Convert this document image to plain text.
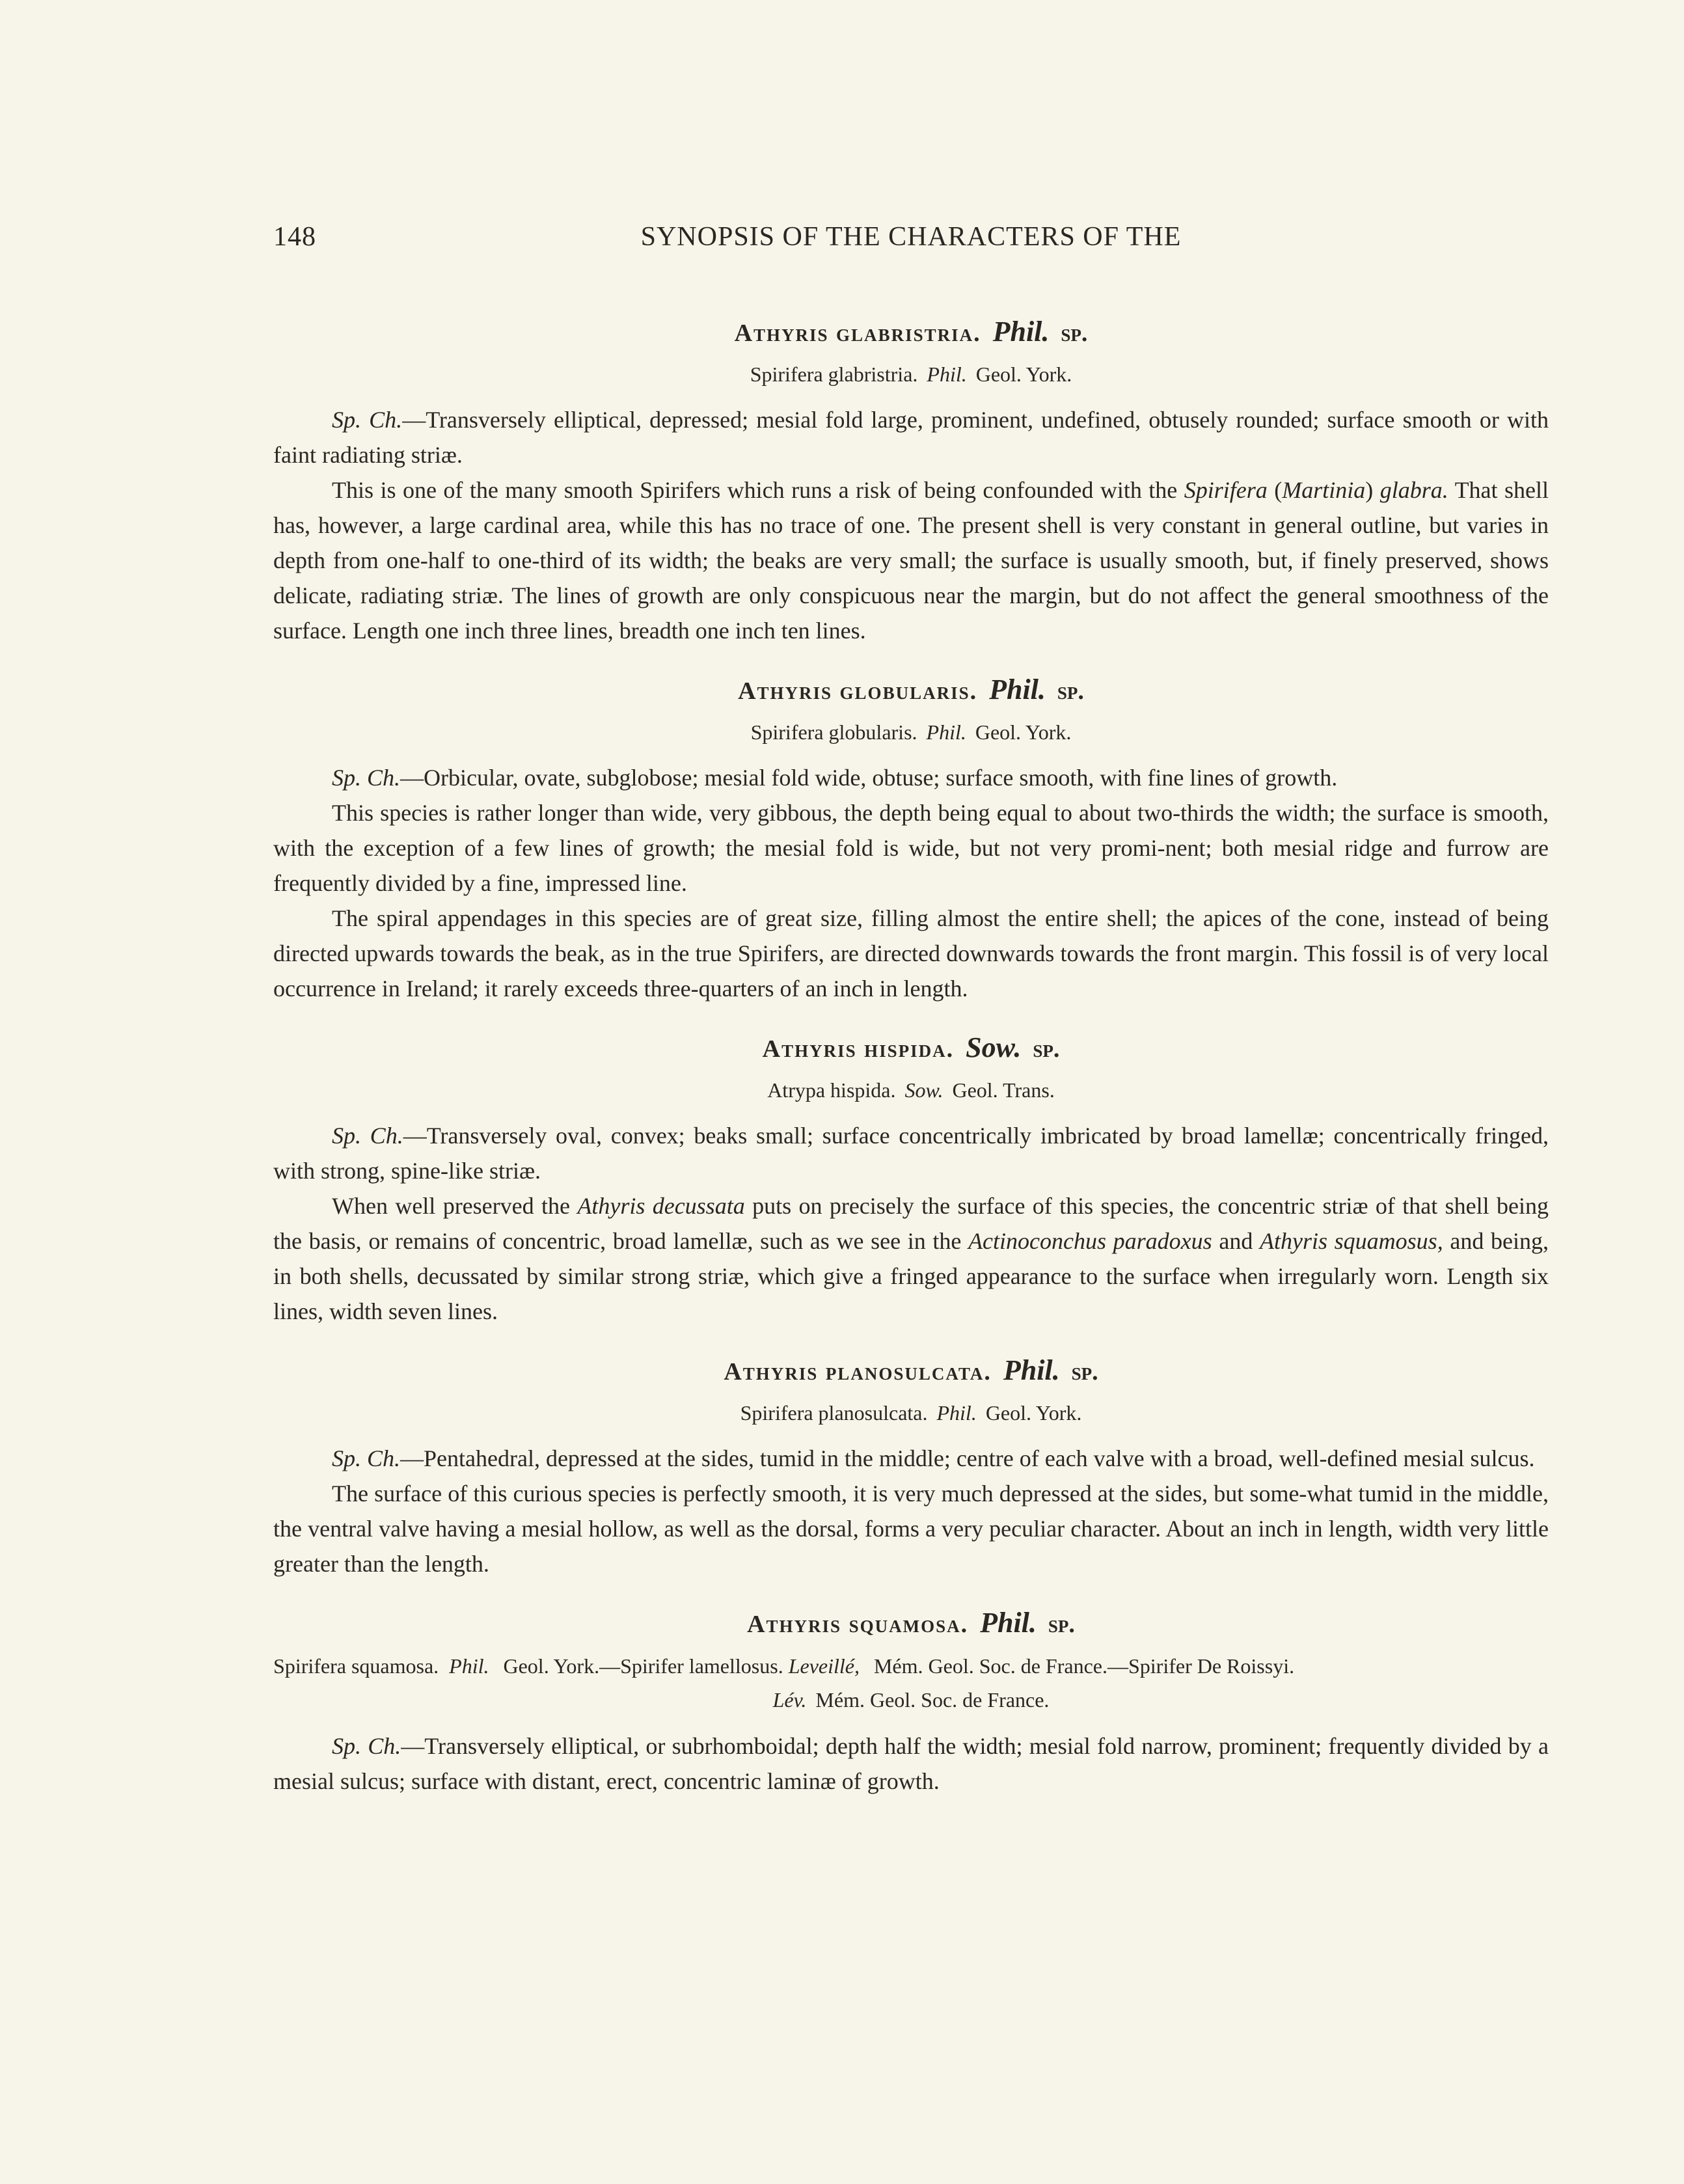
148	SYNOPSIS OF THE CHARACTERS OF THE
Athyris glabristria. Phil. sp.

Spirifera glabristria. Phil. Geol. York.

Sp. Ch.—Transversely elliptical, depressed; mesial fold large, prominent, undefined, obtusely rounded; surface smooth or with faint radiating striæ.

This is one of the many smooth Spirifers which runs a risk of being confounded with the Spirifera (Martinia) glabra. That shell has, however, a large cardinal area, while this has no trace of one. The present shell is very constant in general outline, but varies in depth from one-half to one-third of its width; the beaks are very small; the surface is usually smooth, but, if finely preserved, shows delicate, radiating striæ. The lines of growth are only conspicuous near the margin, but do not affect the general smoothness of the surface. Length one inch three lines, breadth one inch ten lines.

Athyris globularis. Phil. sp.

Spirifera globularis. Phil. Geol. York.

Sp. Ch.—Orbicular, ovate, subglobose; mesial fold wide, obtuse; surface smooth, with fine lines of growth.

This species is rather longer than wide, very gibbous, the depth being equal to about two-thirds the width; the surface is smooth, with the exception of a few lines of growth; the mesial fold is wide, but not very promi-nent; both mesial ridge and furrow are frequently divided by a fine, impressed line.

The spiral appendages in this species are of great size, filling almost the entire shell; the apices of the cone, instead of being directed upwards towards the beak, as in the true Spirifers, are directed downwards towards the front margin. This fossil is of very local occurrence in Ireland; it rarely exceeds three-quarters of an inch in length.

Athyris hispida. Sow. sp.

Atrypa hispida. Sow. Geol. Trans.

Sp. Ch.—Transversely oval, convex; beaks small; surface concentrically imbricated by broad lamellæ; concentrically fringed, with strong, spine-like striæ.

When well preserved the Athyris decussata puts on precisely the surface of this species, the concentric striæ of that shell being the basis, or remains of concentric, broad lamellæ, such as we see in the Actinoconchus paradoxus and Athyris squamosus, and being, in both shells, decussated by similar strong striæ, which give a fringed appearance to the surface when irregularly worn. Length six lines, width seven lines.

Athyris planosulcata. Phil. sp.

Spirifera planosulcata. Phil. Geol. York.

Sp. Ch.—Pentahedral, depressed at the sides, tumid in the middle; centre of each valve with a broad, well-defined mesial sulcus.

The surface of this curious species is perfectly smooth, it is very much depressed at the sides, but some-what tumid in the middle, the ventral valve having a mesial hollow, as well as the dorsal, forms a very peculiar character. About an inch in length, width very little greater than the length.

Athyris squamosa. Phil. sp.

Spirifera squamosa. Phil. Geol. York.—Spirifer lamellosus. Leveillé, Mém. Geol. Soc. de France.—Spirifer De Roissyi.
Lév. Mém. Geol. Soc. de France.

Sp. Ch.—Transversely elliptical, or subrhomboidal; depth half the width; mesial fold narrow, prominent; frequently divided by a mesial sulcus; surface with distant, erect, concentric laminæ of growth.
